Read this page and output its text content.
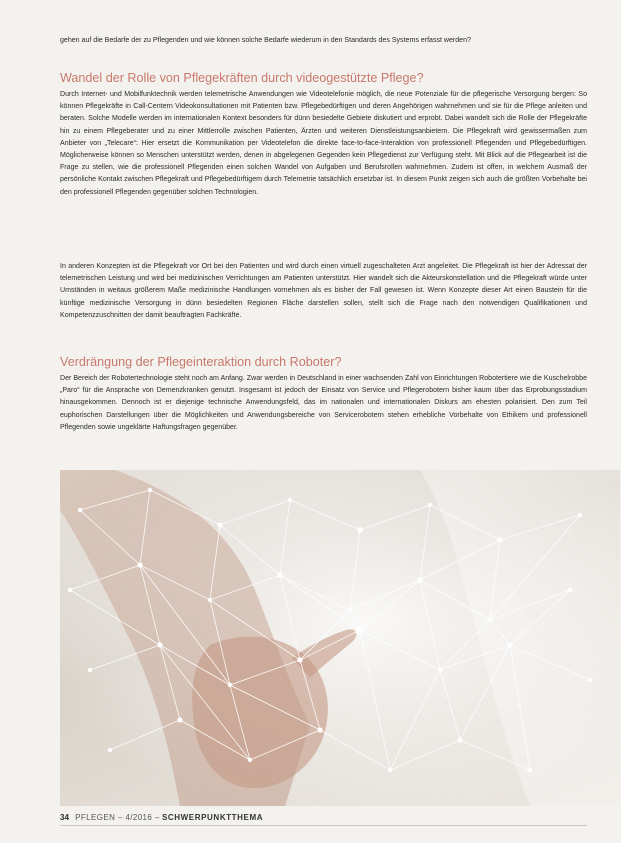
gehen auf die Bedarfe der zu Pflegenden und wie können solche Bedarfe wiederum in den Standards des Systems erfasst werden?

Wandel der Rolle von Pflegekräften durch videogestützte Pflege?

Durch Internet- und Mobilfunktechnik werden telemetrische Anwendungen wie Videotelefonie möglich, die neue Potenziale für die pflegerische Versorgung bergen: So können Pflegekräfte in Call-Centern Videokonsultationen mit Patienten bzw. Pflegebedürftigen und deren Angehörigen wahrnehmen und sie für die Pflege anleiten und beraten. Solche Modelle werden im internationalen Kontext besonders für dünn besiedelte Gebiete diskutiert und erprobt. Dabei wandelt sich die Rolle der Pflegekräfte hin zu einem Pflegeberater und zu einer Mittlerrolle zwischen Patienten, Ärzten und weiteren Dienstleistungsanbietern. Die Pflegekraft wird gewissermaßen zum Anbieter von „Telecare“: Hier ersetzt die Kommunikation per Videotelefon die direkte face-to-face-Interaktion von professionell Pflegenden und Pflegebedürftigen. Möglicherweise können so Menschen unterstützt werden, denen in abgelegenen Gegenden kein Pflegedienst zur Verfügung steht. Mit Blick auf die Pflegearbeit ist die Frage zu stellen, wie die professionell Pflegenden einen solchen Wandel von Aufgaben und Berufsrollen wahrnehmen. Zudem ist offen, in welchem Ausmaß der persönliche Kontakt zwischen Pflegekraft und Pflegebedürftigem durch Telemetrie tatsächlich ersetzbar ist. In diesem Punkt zeigen sich auch die größten Vorbehalte bei den professionell Pflegenden gegenüber solchen Technologien.

In anderen Konzepten ist die Pflegekraft vor Ort bei den Patienten und wird durch einen virtuell zugeschalteten Arzt angeleitet. Die Pflegekraft ist hier der Adressat der telemetrischen Leistung und wird bei medizinischen Verrichtungen am Patienten unterstützt. Hier wandelt sich die Akteurskonstellation und die Pflegekraft würde unter Umständen in weitaus größerem Maße medizinische Handlungen vornehmen als es bisher der Fall gewesen ist. Wenn Konzepte dieser Art einen Baustein für die künftige medizinische Versorgung in dünn besiedelten Regionen Fläche darstellen sollen, stellt sich die Frage nach den notwendigen Qualifikationen und Kompetenzzuschnitten der damit beauftragten Fachkräfte.

Verdrängung der Pflegeinteraktion durch Roboter?

Der Bereich der Robotertechnologie steht noch am Anfang. Zwar werden in Deutschland in einer wachsenden Zahl von Einrichtungen Robotertiere wie die Kuschelrobbe „Paro“ für die Ansprache von Demenzkranken genutzt. Insgesamt ist jedoch der Einsatz von Service und Pflegerobotern bisher kaum über das Erprobungsstadium hinausgekommen. Dennoch ist er diejenige technische Anwendungsfeld, das im nationalen und internationalen Diskurs am ehesten polarisiert. Den zum Teil euphorischen Darstellungen über die Möglichkeiten und Anwendungsbereiche von Servicerobotern stehen erhebliche Vorbehalte von Ethikern und professionell Pflegenden sowie ungeklärte Haftungsfragen gegenüber.

34 PFLEGEN – 4/2016 – SCHWERPUNKTTHEMA
